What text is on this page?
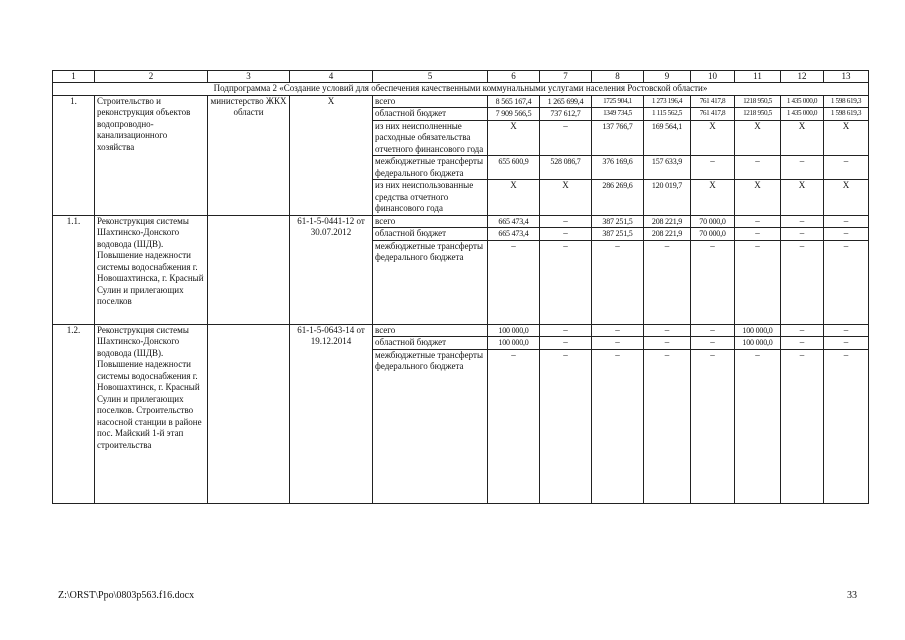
1	2	3	4	5	6	7	8	9	10	11	12	13
Подпрограмма 2 «Создание условий для обеспечения качественными коммунальными услугами населения Ростовской области»												
1.	Строительство и реконструкция объектов водопроводно-канализационного хозяйства	министерство ЖКХ области	Х	всего	8 565 167,4	1 265 699,4	1725 904,1	1 273 196,4	761 417,8	1218 950,5	1 435 000,0	1 598 619,3
				областной бюджет	7 909 566,5	737 612,7	1349 734,5	1 115 562,5	761 417,8	1218 950,5	1 435 000,0	1 598 619,3
				из них неисполненные расходные обязательства отчетного финансового года	Х	–	137 766,7	169 564,1	Х	Х	Х	Х
				межбюджетные трансферты федерального бюджета	655 600,9	528 086,7	376 169,6	157 633,9	–	–	–	–
				из них неиспользованные средства отчетного финансового года	Х	Х	286 269,6	120 019,7	Х	Х	Х	Х
1.1.	Реконструкция системы Шахтинско-Донского водовода (ШДВ). Повышение надежности системы водоснабжения г. Новошахтинска, г. Красный Сулин и прилегающих поселков		61-1-5-0441-12 от 30.07.2012	всего	665 473,4	–	387 251,5	208 221,9	70 000,0	–	–	–
				областной бюджет	665 473,4	–	387 251,5	208 221,9	70 000,0	–	–	–
				межбюджетные трансферты федерального бюджета	–	–	–	–	–	–	–	–
1.2.	Реконструкция системы Шахтинско-Донского водовода (ШДВ). Повышение надежности системы водоснабжения г. Новошахтинск, г. Красный Сулин и прилегающих поселков. Строительство насосной станции в районе пос. Майский 1-й этап строительства		61-1-5-0643-14 от 19.12.2014	всего	100 000,0	–	–	–	–	100 000,0	–	–
				областной бюджет	100 000,0	–	–	–	–	100 000,0	–	–
				межбюджетные трансферты федерального бюджета	–	–	–	–	–	–	–	–
Z:\ORST\Ppo\0803p563.f16.docx	33
